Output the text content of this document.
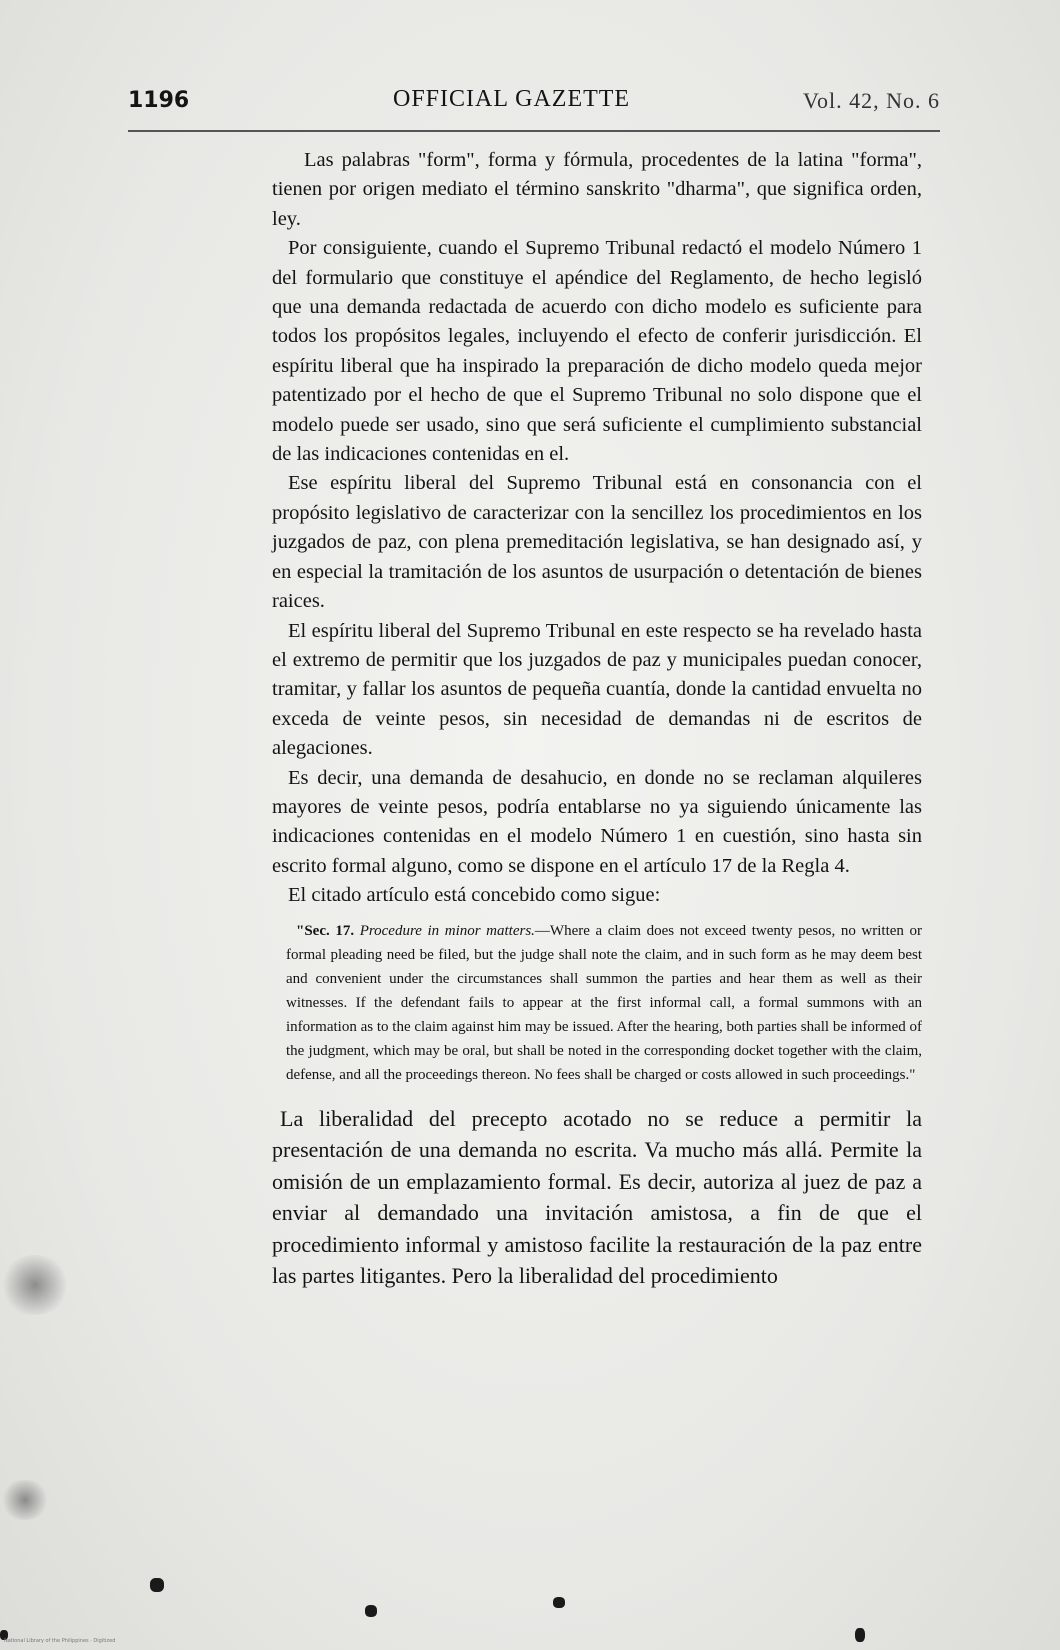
1196	OFFICIAL GAZETTE	Vol. 42, No. 6

Las palabras "form", forma y fórmula, procedentes de la latina "forma", tienen por origen mediato el término sanskrito "dharma", que significa orden, ley.

Por consiguiente, cuando el Supremo Tribunal redactó el modelo Número 1 del formulario que constituye el apéndice del Reglamento, de hecho legisló que una demanda redactada de acuerdo con dicho modelo es suficiente para todos los propósitos legales, incluyendo el efecto de conferir jurisdicción. El espíritu liberal que ha inspirado la preparación de dicho modelo queda mejor patentizado por el hecho de que el Supremo Tribunal no solo dispone que el modelo puede ser usado, sino que será suficiente el cumplimiento substancial de las indicaciones contenidas en el.

Ese espíritu liberal del Supremo Tribunal está en consonancia con el propósito legislativo de caracterizar con la sencillez los procedimientos en los juzgados de paz, con plena premeditación legislativa, se han designado así, y en especial la tramitación de los asuntos de usurpación o detentación de bienes raices.

El espíritu liberal del Supremo Tribunal en este respecto se ha revelado hasta el extremo de permitir que los juzgados de paz y municipales puedan conocer, tramitar, y fallar los asuntos de pequeña cuantía, donde la cantidad envuelta no exceda de veinte pesos, sin necesidad de demandas ni de escritos de alegaciones.

Es decir, una demanda de desahucio, en donde no se reclaman alquileres mayores de veinte pesos, podría entablarse no ya siguiendo únicamente las indicaciones contenidas en el modelo Número 1 en cuestión, sino hasta sin escrito formal alguno, como se dispone en el artículo 17 de la Regla 4.

El citado artículo está concebido como sigue:

"Sec. 17. Procedure in minor matters.—Where a claim does not exceed twenty pesos, no written or formal pleading need be filed, but the judge shall note the claim, and in such form as he may deem best and convenient under the circumstances shall summon the parties and hear them as well as their witnesses. If the defendant fails to appear at the first informal call, a formal summons with an information as to the claim against him may be issued. After the hearing, both parties shall be informed of the judgment, which may be oral, but shall be noted in the corresponding docket together with the claim, defense, and all the proceedings thereon. No fees shall be charged or costs allowed in such proceedings."

La liberalidad del precepto acotado no se reduce a permitir la presentación de una demanda no escrita. Va mucho más allá. Permite la omisión de un emplazamiento formal. Es decir, autoriza al juez de paz a enviar al demandado una invitación amistosa, a fin de que el procedimiento informal y amistoso facilite la restauración de la paz entre las partes litigantes. Pero la liberalidad del procedimiento

National Library of the Philippines · Digitized
